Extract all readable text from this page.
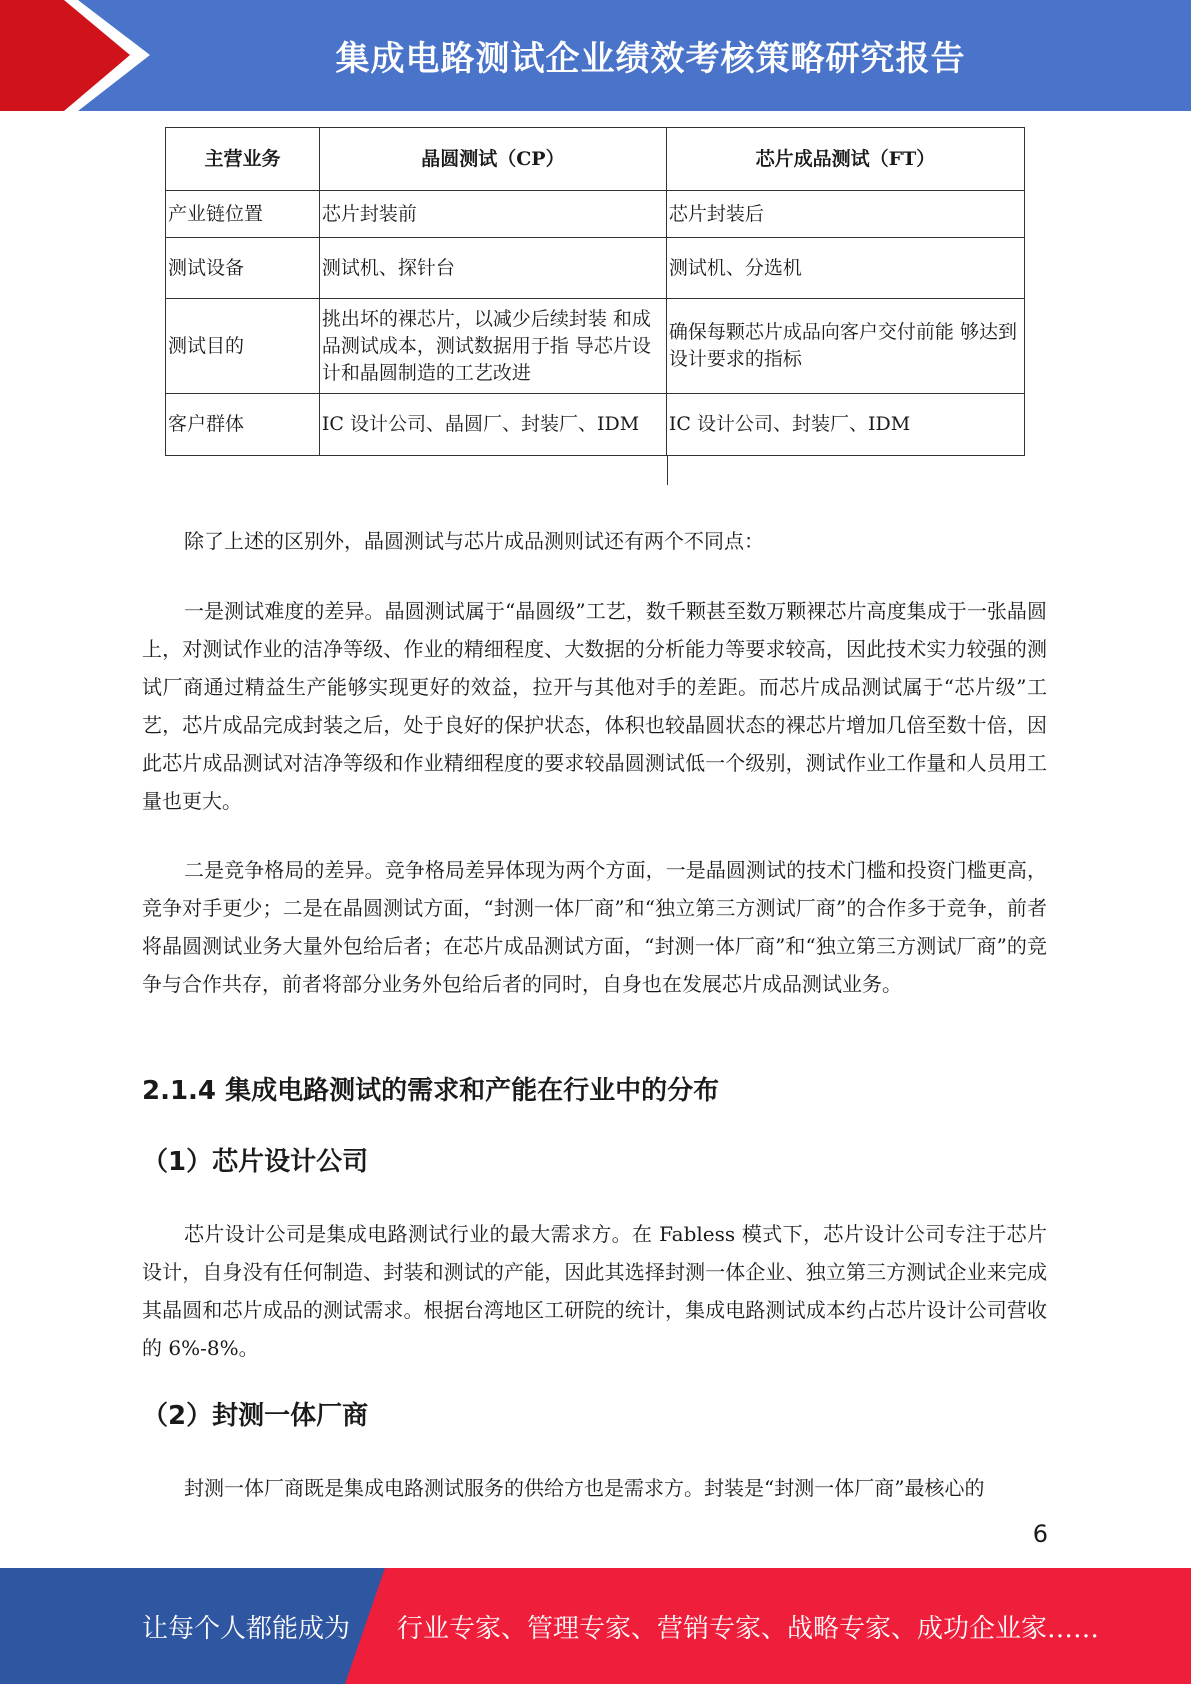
集成电路测试企业绩效考核策略研究报告
主营业务	晶圆测试（CP）	芯片成品测试（FT）
产业链位置	芯片封装前	芯片封装后
测试设备	测试机、探针台	测试机、分选机
测试目的	挑出坏的裸芯片，以减少后续封装 和成品测试成本，测试数据用于指 导芯片设计和晶圆制造的工艺改进	确保每颗芯片成品向客户交付前能 够达到设计要求的指标
客户群体	IC 设计公司、晶圆厂、封装厂、IDM	IC 设计公司、封装厂、IDM

除了上述的区别外，晶圆测试与芯片成品测则试还有两个不同点：

一是测试难度的差异。晶圆测试属于“晶圆级”工艺，数千颗甚至数万颗裸芯片高度集成于一张晶圆上，对测试作业的洁净等级、作业的精细程度、大数据的分析能力等要求较高，因此技术实力较强的测试厂商通过精益生产能够实现更好的效益，拉开与其他对手的差距。而芯片成品测试属于“芯片级”工艺，芯片成品完成封装之后，处于良好的保护状态，体积也较晶圆状态的裸芯片增加几倍至数十倍，因此芯片成品测试对洁净等级和作业精细程度的要求较晶圆测试低一个级别，测试作业工作量和人员用工量也更大。

二是竞争格局的差异。竞争格局差异体现为两个方面，一是晶圆测试的技术门槛和投资门槛更高，竞争对手更少；二是在晶圆测试方面，“封测一体厂商”和“独立第三方测试厂商”的合作多于竞争，前者将晶圆测试业务大量外包给后者；在芯片成品测试方面，“封测一体厂商”和“独立第三方测试厂商”的竞争与合作共存，前者将部分业务外包给后者的同时，自身也在发展芯片成品测试业务。

2.1.4 集成电路测试的需求和产能在行业中的分布
（1）芯片设计公司

芯片设计公司是集成电路测试行业的最大需求方。在 Fabless 模式下，芯片设计公司专注于芯片设计，自身没有任何制造、封装和测试的产能，因此其选择封测一体企业、独立第三方测试企业来完成其晶圆和芯片成品的测试需求。根据台湾地区工研院的统计，集成电路测试成本约占芯片设计公司营收的 6%-8%。

（2）封测一体厂商

封测一体厂商既是集成电路测试服务的供给方也是需求方。封装是“封测一体厂商”最核心的

6
让每个人都能成为 行业专家、管理专家、营销专家、战略专家、成功企业家……
